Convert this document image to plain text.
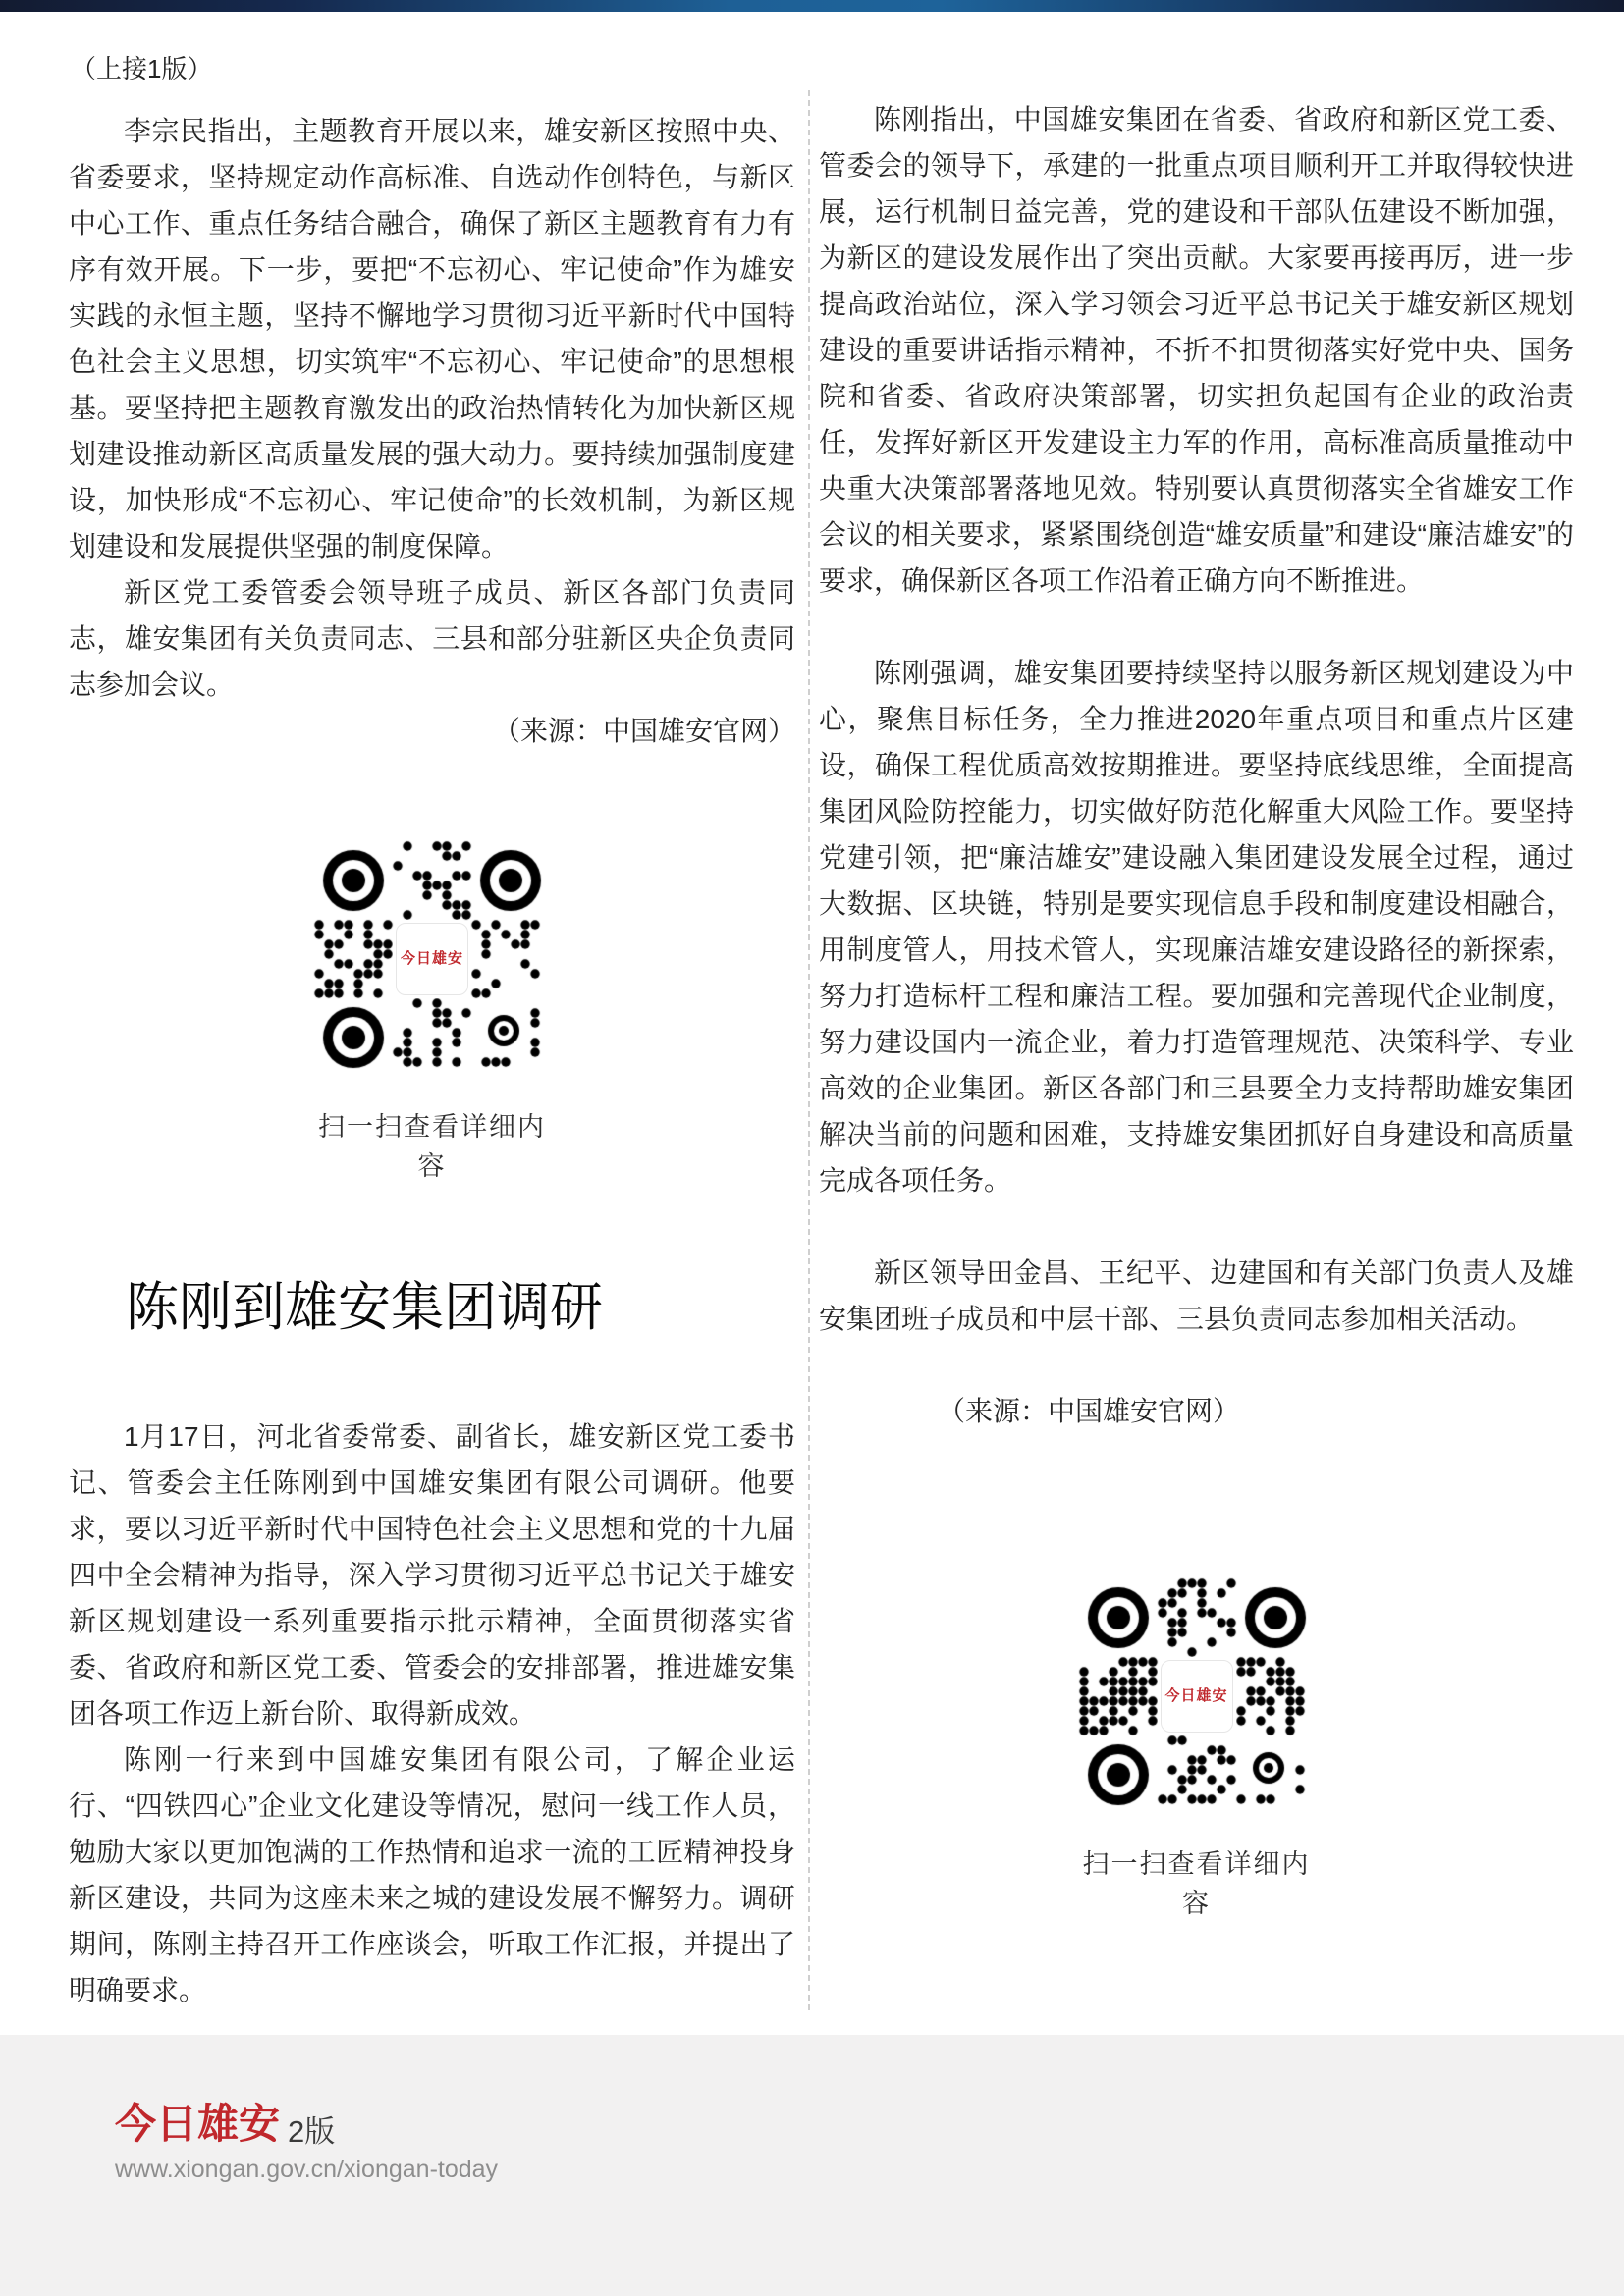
（上接1版）

李宗民指出，主题教育开展以来，雄安新区按照中央、省委要求，坚持规定动作高标准、自选动作创特色，与新区中心工作、重点任务结合融合，确保了新区主题教育有力有序有效开展。下一步，要把“不忘初心、牢记使命”作为雄安实践的永恒主题，坚持不懈地学习贯彻习近平新时代中国特色社会主义思想，切实筑牢“不忘初心、牢记使命”的思想根基。要坚持把主题教育激发出的政治热情转化为加快新区规划建设推动新区高质量发展的强大动力。要持续加强制度建设，加快形成“不忘初心、牢记使命”的长效机制，为新区规划建设和发展提供坚强的制度保障。

新区党工委管委会领导班子成员、新区各部门负责同志，雄安集团有关负责同志、三县和部分驻新区央企负责同志参加会议。

（来源：中国雄安官网）

今日雄安
扫一扫查看详细内容
陈刚到雄安集团调研

1月17日，河北省委常委、副省长，雄安新区党工委书记、管委会主任陈刚到中国雄安集团有限公司调研。他要求，要以习近平新时代中国特色社会主义思想和党的十九届四中全会精神为指导，深入学习贯彻习近平总书记关于雄安新区规划建设一系列重要指示批示精神，全面贯彻落实省委、省政府和新区党工委、管委会的安排部署，推进雄安集团各项工作迈上新台阶、取得新成效。

陈刚一行来到中国雄安集团有限公司，了解企业运行、“四铁四心”企业文化建设等情况，慰问一线工作人员，勉励大家以更加饱满的工作热情和追求一流的工匠精神投身新区建设，共同为这座未来之城的建设发展不懈努力。调研期间，陈刚主持召开工作座谈会，听取工作汇报，并提出了明确要求。

陈刚指出，中国雄安集团在省委、省政府和新区党工委、管委会的领导下，承建的一批重点项目顺利开工并取得较快进展，运行机制日益完善，党的建设和干部队伍建设不断加强，为新区的建设发展作出了突出贡献。大家要再接再厉，进一步提高政治站位，深入学习领会习近平总书记关于雄安新区规划建设的重要讲话指示精神，不折不扣贯彻落实好党中央、国务院和省委、省政府决策部署，切实担负起国有企业的政治责任，发挥好新区开发建设主力军的作用，高标准高质量推动中央重大决策部署落地见效。特别要认真贯彻落实全省雄安工作会议的相关要求，紧紧围绕创造“雄安质量”和建设“廉洁雄安”的要求，确保新区各项工作沿着正确方向不断推进。

陈刚强调，雄安集团要持续坚持以服务新区规划建设为中心，聚焦目标任务，全力推进2020年重点项目和重点片区建设，确保工程优质高效按期推进。要坚持底线思维，全面提高集团风险防控能力，切实做好防范化解重大风险工作。要坚持党建引领，把“廉洁雄安”建设融入集团建设发展全过程，通过大数据、区块链，特别是要实现信息手段和制度建设相融合，用制度管人，用技术管人，实现廉洁雄安建设路径的新探索，努力打造标杆工程和廉洁工程。要加强和完善现代企业制度，努力建设国内一流企业，着力打造管理规范、决策科学、专业高效的企业集团。新区各部门和三县要全力支持帮助雄安集团解决当前的问题和困难，支持雄安集团抓好自身建设和高质量完成各项任务。

新区领导田金昌、王纪平、边建国和有关部门负责人及雄安集团班子成员和中层干部、三县负责同志参加相关活动。

（来源：中国雄安官网）

今日雄安
扫一扫查看详细内容
今日雄安 2版
www.xiongan.gov.cn/xiongan-today
